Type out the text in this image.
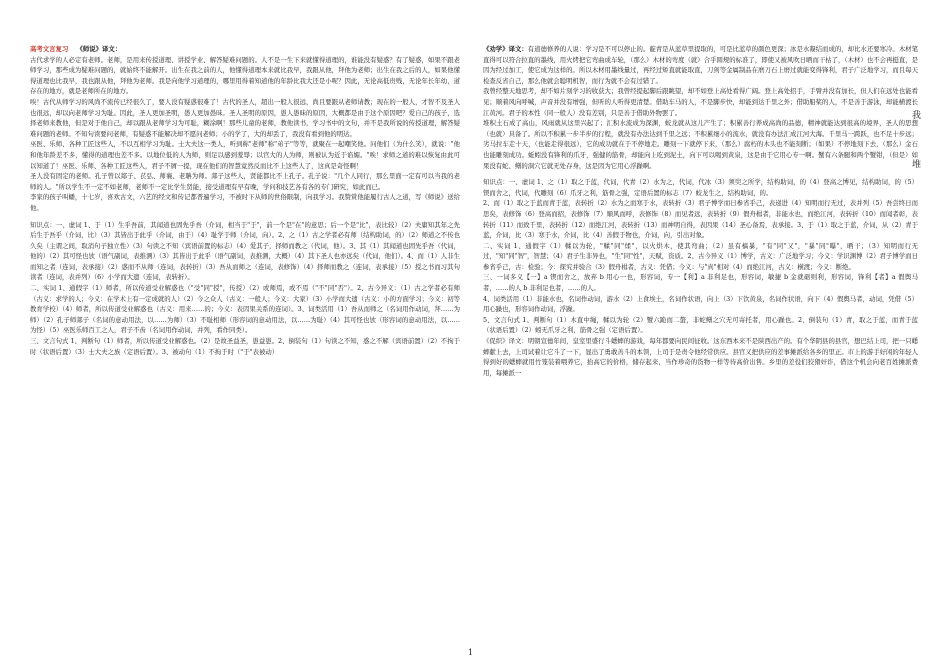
高考文言复习 《师说》译文：

古代求学的人必定有老师。老师，是用来传授道理、讲授学业、解答疑难问题的。人不是一生下来就懂得道理的，谁能没有疑惑？有了疑惑，如果不跟老师学习，那些成为疑难问题的，就始终不能解开。出生在我之前的人，他懂得道理本来就比我早，我跟从他，拜他为老师；出生在我之后的人，如果他懂得道理也比我早，我也跟从他，拜他为老师。我是向他学习道理的，哪里用得着知道他的年龄比我大还是小呢？因此，无论高低贵贱，无论年长年幼，道存在的地方，就是老师所在的地方。

唉！古代从师学习的风尚不流传已经很久了，要人没有疑惑很难了！古代的圣人，超出一般人很远，尚且要跟从老师请教；现在的一般人，才智不及圣人也很远，却以向老师学习为耻。因此，圣人更加圣明，愚人更加愚昧。圣人圣明的原因，愚人愚昧的原因，大概都是由于这个原因吧？爱自己的孩子，选择老师来教他，但是对于他自己，却以跟从老师学习为可耻，糊涂啊！那些儿童的老师，教他读书，学习书中的文句，并不是我所说的传授道理，解答疑难问题的老师。不知句读要问老师，有疑惑不能解决却不愿问老师；小的学了，大的却丢了，我没有看到他的明达。

巫医、乐师、各种工匠这些人，不以互相学习为耻。士大夫这一类人，听到称"老师"称"弟子"等等，就聚在一起嘲笑他。问他们（为什么笑），就说："他和他年龄差不多，懂得的道理也差不多。以地位低的人为师，则足以感到羞辱；以官大的人为师，则被认为近于谄媚。"唉！求师之道的难以恢复由此可以知道了！巫医、乐师、各种工匠这些人，君子不屑一提，现在他们的智慧竟然反而比不上这些人了，这真是奇怪啊！

圣人没有固定的老师。孔子曾以郯子、苌弘、师襄、老聃为师。郯子这些人，贤能都比不上孔子。孔子说："几个人同行，那么里面一定有可以当我的老师的人。"所以学生不一定不如老师，老师不一定比学生贤能，接受道理有早有晚，学问和技艺各有各的专门研究，如此而已。

李家的孩子叫蟠，十七岁，喜欢古文，六艺的经文和传记都普遍学习，不被时下从师的世俗限制，向我学习。我赞赏他能履行古人之道，写《师说》送给他。

知识点：一、虚词 1、于（1）生乎吾前，其闻道也固先乎吾（介词，相当于"于"，前一个是"在"的意思；后一个是"比"，表比较）（2）夫庸知其年之先后生于吾乎（介词，比）（3）其皆出于此乎（介词，由于）（4）耻学于师（介词，向）。2、之（1）古之学者必有师（结构助词，的）（2）师道之不传也久矣（主谓之间，取消句子独立性）（3）句读之不知（宾语前置的标志）（4）爱其子，择师而教之（代词，他）。3、其（1）其闻道也固先乎吾（代词，他的）（2）其可怪也欤（语气副词，表推测）（3）其皆出于此乎（语气副词，表推测，大概）（4）其下圣人也亦远矣（代词，他们）。4、而（1）人非生而知之者（连词，表承接）（2）惑而不从师（连词，表转折）（3）吾从而师之（连词，表修饰）（4）择师而教之（连词，表承接）（5）授之书而习其句读者（连词，表并列）（6）小学而大遗（连词，表转折）。

二、实词 1、通假字（1）师者，所以传道受业解惑也（"受"同"授"，传授）（2）或师焉，或不焉（"不"同"否"）。2、古今异义：（1）古之学者必有师（古义：求学的人；今义：在学术上有一定成就的人）（2）今之众人（古义：一般人；今义：大家）（3）小学而大遗（古义：小的方面学习；今义：初等教育学校）（4）师者，所以传道受业解惑也（古义：用来……的；今义：表因果关系的连词）。3、词类活用（1）吾从而师之（名词用作动词，拜……为师）（2）孔子师郯子（名词的意动用法，以……为师）（3）不耻相师（形容词的意动用法，以……为耻）（4）其可怪也欤（形容词的意动用法，以……为怪）（5）巫医乐师百工之人，君子不齿（名词用作动词，并列，看作同类）。

三、文言句式 1、判断句（1）师者，所以传道受业解惑也。（2）是故圣益圣，愚益愚。2、倒装句（1）句读之不知，惑之不解（宾语前置）（2）不拘于时（状语后置）（3）士大夫之族（定语后置）。3、被动句（1）不拘于时（"于"表被动）

《劝学》译文：有道德修养的人说：学习是不可以停止的。靛青是从蓝草里提取的，可是比蓝草的颜色更深；冰是水凝结而成的，却比水还要寒冷。木材笔直得可以符合拉直的墨线，用火烤把它弯曲成车轮，（那么）木材的弯度（就）合乎圆规的标准了，即使又被风吹日晒而干枯了，（木材）也不会再挺直，是因为经过加工，使它成为这样的。所以木材用墨线量过，再经过矫直就能取直，刀剑等金属制品在磨刀石上磨过就能变得锋利，君子广泛地学习，而且每天检查反省自己，那么他就会聪明机智，而行为就不会有过错了。

我曾经整天地思考，却不如片刻学习的收获大；我曾经提起脚后跟眺望，却不如登上高处看得广阔。登上高处招手，手臂并没有加长，但人们在远处也能看见；顺着风向呼喊，声音并没有增强，但听的人听得更清楚。借助车马的人，不是脚步快，却能到达千里之外；借助船桨的人，不是善于游泳，却能横渡长江黄河。君子的本性（同一般人）没有差别，只是善于借助外物罢了。

堆积土石成了高山，风雨就从这里兴起了；汇积水流成为深渊，蛟龙就从这儿产生了；积累善行养成高尚的品德，精神就能达到很高的境界，圣人的思想（也就）具备了。所以不积累一步半步的行程，就没有办法达到千里之远；不积累细小的流水，就没有办法汇成江河大海。千里马一跨跃，也不足十步远；劣马拉车走十天，（也能走得很远），它的成功就在于不停地走。雕刻一下就停下来，（那么）腐朽的木头也不能刻断；（如果）不停地刻下去，（那么）金石也能雕刻成功。蚯蚓没有锋利的爪牙，强健的筋骨，却能向上吃到泥土，向下可以喝到黄泉，这是由于它用心专一啊。蟹有六条腿和两个蟹钳，（但是）如果没有蛇、鳝的洞穴它就无处存身，这是因为它用心浮躁啊。

知识点：一、虚词 1、之（1）取之于蓝，代词，代青（2）水为之，代词，代冰（3）须臾之所学，结构助词，的（4）登高之博见，结构助词，的（5）锲而舍之，代词，代雕刻（6）爪牙之利，筋骨之强，定语后置的标志（7）蛟龙生之，结构助词，的。

2、而（1）取之于蓝而青于蓝，表转折（2）水为之而寒于水，表转折（3）君子博学而日参省乎己，表递进（4）知明而行无过，表并列（5）吾尝终日而思矣，表修饰（6）登高而招，表修饰（7）顺风而呼，表修饰（8）而见者远，表转折（9）假舟楫者，非能水也，而绝江河，表转折（10）而闻者彰，表转折（11）而致千里，表转折（12）而绝江河，表转折（13）而神明自得，表因果（14）圣心备焉，表承接。3、于（1）取之于蓝，介词，从（2）青于蓝，介词，比（3）寒于水，介词，比（4）善假于物也，介词，向，引出对象。

二、实词 1、通假字（1）輮以为轮，"輮"同"煣"，以火烘木，使其弯曲；（2）虽有槁暴，"有"同"又"，"暴"同"曝"，晒干；（3）知明而行无过，"知"同"智"，智慧；（4）君子生非异也，"生"同"性"，天赋，资质。2、古今异义（1）博学，古义：广泛地学习；今义：学识渊博（2）君子博学而日参省乎己，古：检验；今：探究并验合（3）假舟楫者，古义：凭借；今义：与"真"相对（4）而绝江河，古义：横渡；今义：断绝。

三、一词多义【一】a 锲而舍之，放弃 b 用心一也，形容词，专一【利】a 非利足也，形容词，敏捷 b 金就砺则利，形容词，锋利【者】a 假舆马者，……的人 b 非利足也者，……的人。

4、词类活用（1）非能水也，名词作动词，游水（2）上食埃土，名词作状语，向上（3）下饮黄泉，名词作状语，向下（4）假舆马者，动词，凭借（5）用心躁也，形容词作动词，浮躁。

5、文言句式 1、判断句（1）木直中绳，輮以为轮（2）蟹六跪而二螯，非蛇鳝之穴无可寄托者，用心躁也。2、倒装句（1）青，取之于蓝，而青于蓝（状语后置）（2）蚓无爪牙之利，筋骨之强（定语后置）。

《促织》译文：明朝宣德年间，皇室里盛行斗蟋蟀的游戏，每年都要向民间征收。这东西本来不是陕西出产的。有个华阴县的县官，想巴结上司，把一只蟋蟀献上去，上司试着让它斗了一下，显出了勇敢善斗的本领，上司于是责令他经常供应。县官又把供应的差事摊派给各乡的里正。市上的游手好闲的年轻人得到好的蟋蟀就用竹笼装着喂养它，抬高它的价格，储存起来，当作珍奇的货物一样等待高价出售。乡里的差役们狡猾奸诈，借这个机会向老百姓摊派费用，每摊派一

我
堆
1
